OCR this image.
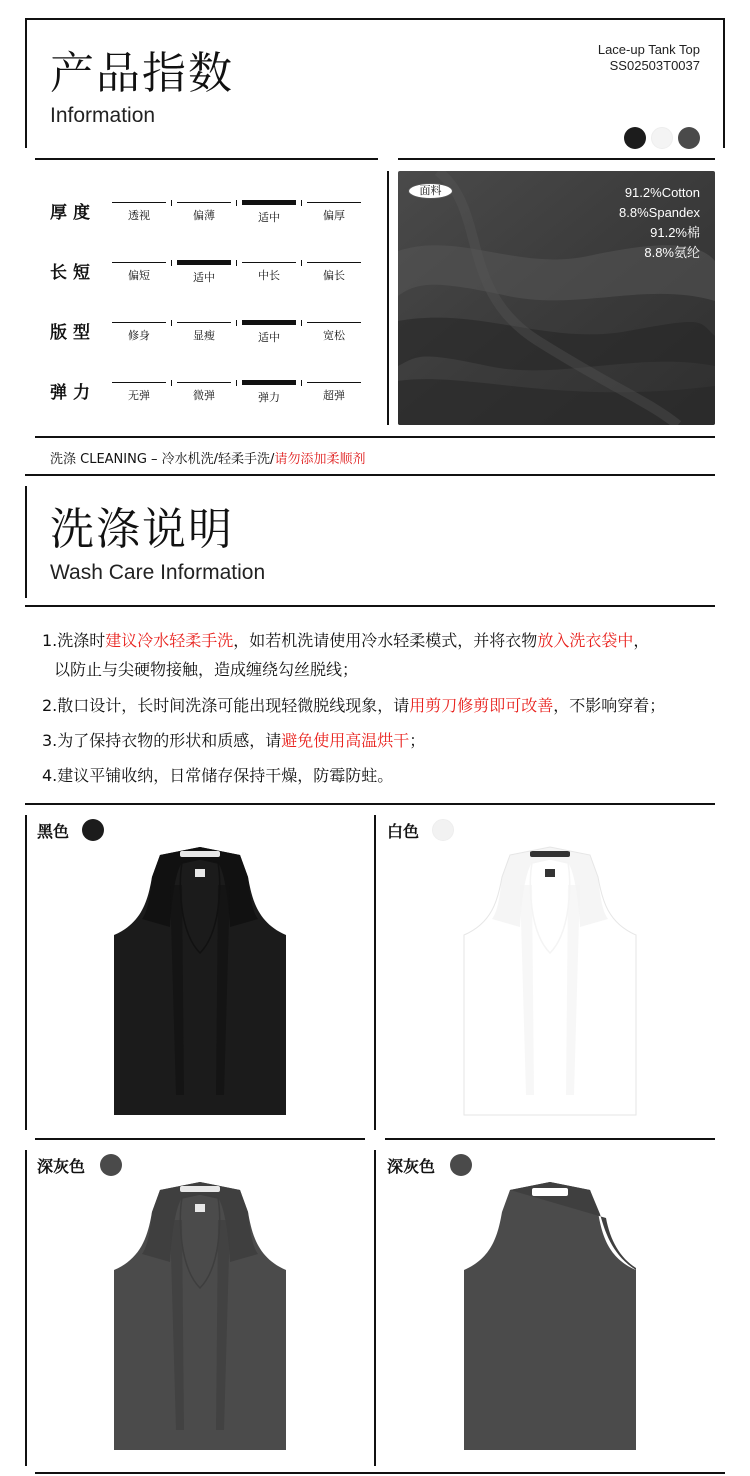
产品指数
Information
Lace-up Tank Top
SS02503T0037
厚度	透视	偏薄	适中	偏厚
长短	偏短	适中	中长	偏长
版型	修身	显瘦	适中	宽松
弹力	无弹	微弹	弹力	超弹
面料	91.2%Cotton
8.8%Spandex
91.2%棉
8.8%氨纶
洗涤 CLEANING – 冷水机洗/轻柔手洗/请勿添加柔顺剂
洗涤说明
Wash Care Information
1.洗涤时建议冷水轻柔手洗，如若机洗请使用冷水轻柔模式，并将衣物放入洗衣袋中，
以防止与尖硬物接触，造成缠绕勾丝脱线；
2.散口设计，长时间洗涤可能出现轻微脱线现象，请用剪刀修剪即可改善，不影响穿着；
3.为了保持衣物的形状和质感，请避免使用高温烘干；
4.建议平铺收纳，日常储存保持干燥，防霉防蛀。
黑色	白色
深灰色	深灰色
